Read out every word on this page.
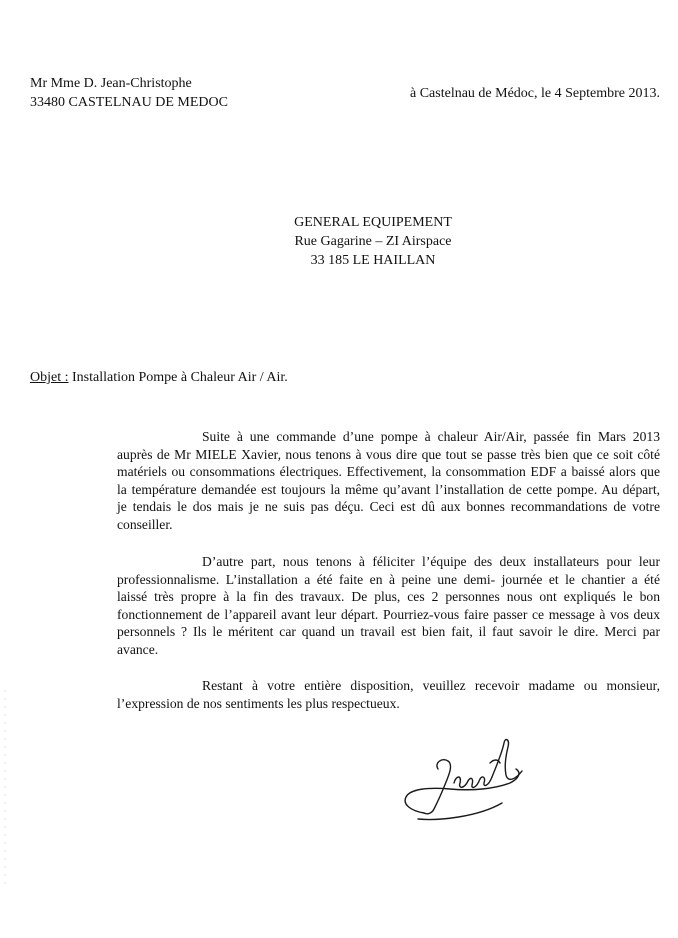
Mr Mme D. Jean-Christophe
33480 CASTELNAU DE MEDOC
à Castelnau de Médoc, le 4 Septembre 2013.
GENERAL EQUIPEMENT
Rue Gagarine – ZI Airspace
33 185 LE HAILLAN
Objet : Installation Pompe à Chaleur Air / Air.
Suite à une commande d’une pompe à chaleur Air/Air, passée fin Mars 2013
auprès de Mr MIELE Xavier, nous tenons à vous dire que tout se passe très bien que ce soit côté
matériels ou consommations électriques. Effectivement, la consommation EDF a baissé alors que
la température demandée est toujours la même qu’avant l’installation de cette pompe. Au départ,
je tendais le dos mais je ne suis pas déçu. Ceci est dû aux bonnes recommandations de votre
conseiller.
D’autre part, nous tenons à féliciter l’équipe des deux installateurs pour leur
professionnalisme. L’installation a été faite en à peine une demi- journée et le chantier a été
laissé très propre à la fin des travaux. De plus, ces 2 personnes nous ont expliqués le bon
fonctionnement de l’appareil avant leur départ. Pourriez-vous faire passer ce message à vos deux
personnels ? Ils le méritent car quand un travail est bien fait, il faut savoir le dire. Merci par
avance.
Restant à votre entière disposition, veuillez recevoir madame ou monsieur,
l’expression de nos sentiments les plus respectueux.
